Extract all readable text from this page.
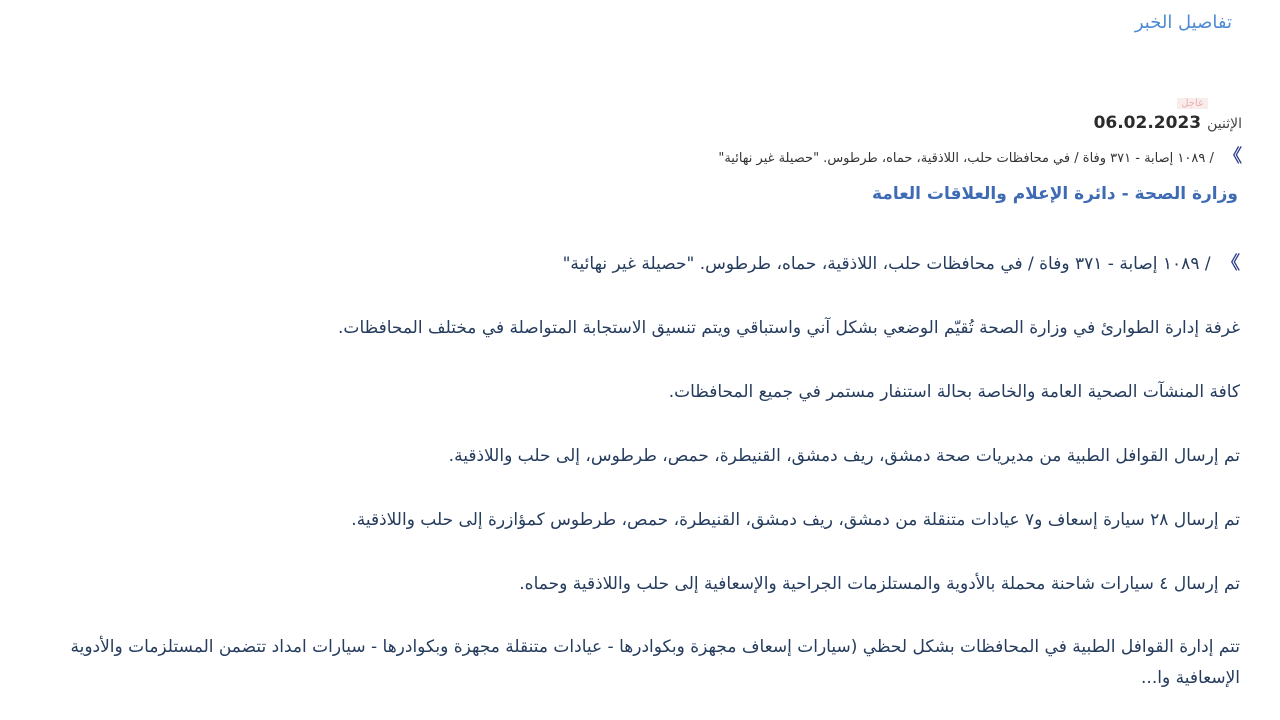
تفاصيل الخبر
عاجل
الإثنين
06.02.2023
》 / ١٠٨٩ إصابة - ٣٧١ وفاة / في محافظات حلب، اللاذقية، حماه، طرطوس. "حصيلة غير نهائية"
وزارة الصحة - دائرة الإعلام والعلاقات العامة
》 / ١٠٨٩ إصابة - ٣٧١ وفاة / في محافظات حلب، اللاذقية، حماه، طرطوس. "حصيلة غير نهائية"
غرفة إدارة الطوارئ في وزارة الصحة تُقيّم الوضعي بشكل آني واستباقي ويتم تنسيق الاستجابة المتواصلة في مختلف المحافظات.
كافة المنشآت الصحية العامة والخاصة بحالة استنفار مستمر في جميع المحافظات.
تم إرسال القوافل الطبية من مديريات صحة دمشق، ريف دمشق، القنيطرة، حمص، طرطوس، إلى حلب واللاذقية.
تم إرسال ٢٨ سيارة إسعاف و٧ عيادات متنقلة من دمشق، ريف دمشق، القنيطرة، حمص، طرطوس كمؤازرة إلى حلب واللاذقية.
تم إرسال ٤ سيارات شاحنة محملة بالأدوية والمستلزمات الجراحية والإسعافية إلى حلب واللاذقية وحماه.
تتم إدارة القوافل الطبية في المحافظات بشكل لحظي (سيارات إسعاف مجهزة وبكوادرها - عيادات متنقلة مجهزة وبكوادرها - سيارات امداد تتضمن المستلزمات والأدوية الإسعافية وا...
